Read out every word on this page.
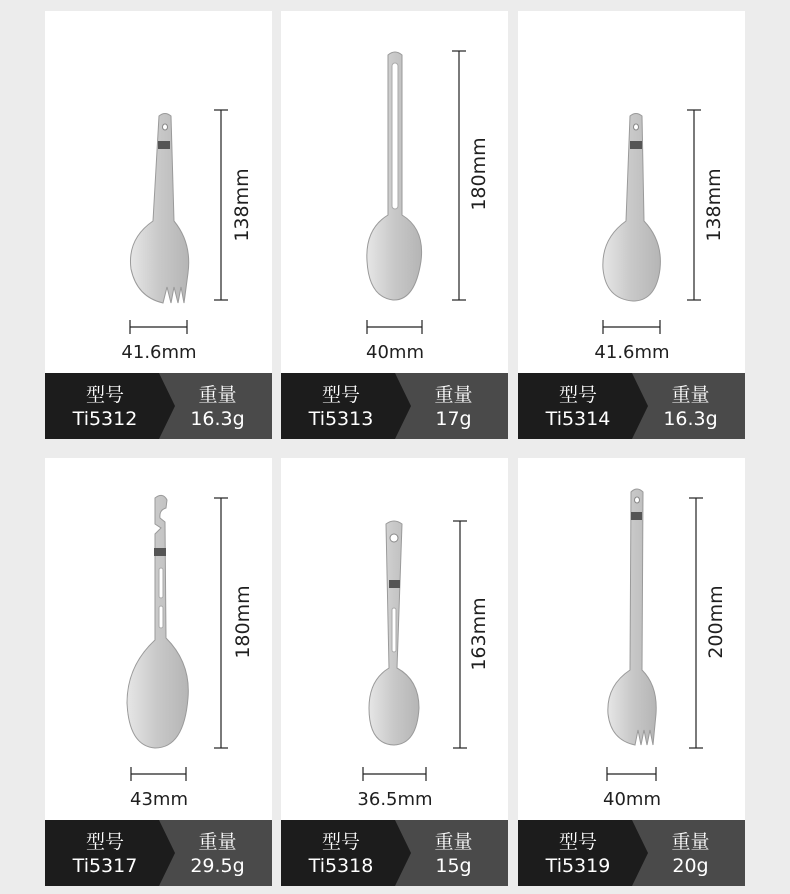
138mm
41.6mm
型号
Ti5312
重量
16.3g
180mm
40mm
型号
Ti5313
重量
17g
138mm
41.6mm
型号
Ti5314
重量
16.3g
180mm
43mm
型号
Ti5317
重量
29.5g
163mm
36.5mm
型号
Ti5318
重量
15g
200mm
40mm
型号
Ti5319
重量
20g
